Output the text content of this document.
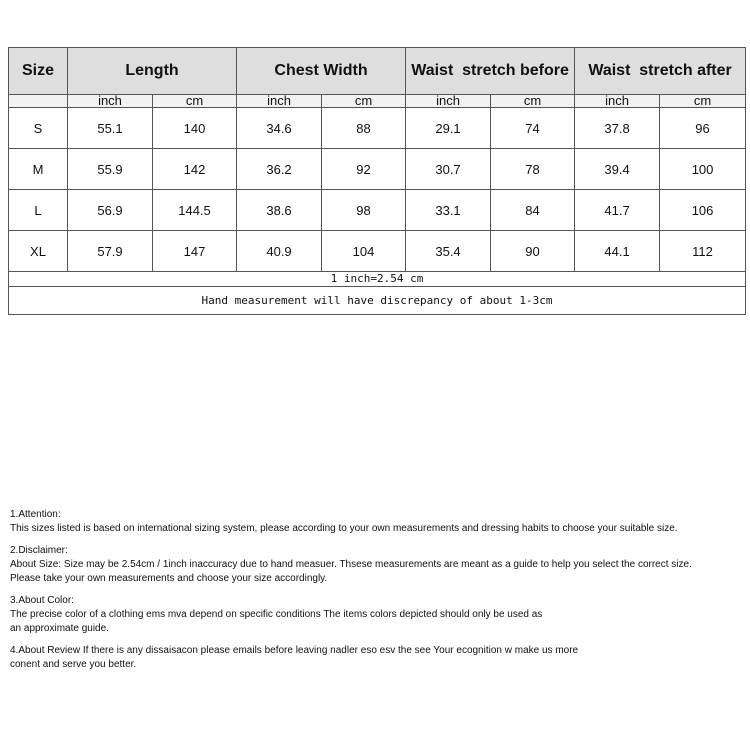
Size	Length		Chest Width		Waist  stretch before		Waist  stretch after	
	inch	cm	inch	cm	inch	cm	inch	cm
S	55.1	140	34.6	88	29.1	74	37.8	96
M	55.9	142	36.2	92	30.7	78	39.4	100
L	56.9	144.5	38.6	98	33.1	84	41.7	106
XL	57.9	147	40.9	104	35.4	90	44.1	112
1 inch=2.54 cm								
Hand measurement will have discrepancy of about 1-3cm								
1.Attention:
This sizes listed is based on international sizing system, please according to your own measurements and dressing habits to choose your suitable size.
2.Disclaimer:
About Size: Size may be 2.54cm / 1inch inaccuracy due to hand measuer. Thsese measurements are meant as a guide to help you select the correct size.
Please take your own measurements and choose your size accordingly.
3.About Color:
The precise color of a clothing ems mva depend on specific conditions The items colors depicted should only be used as
an approximate guide.
4.About Review If there is any dissaisacon please emails before leaving nadler eso esv the see Your ecognition w make us more
conent and serve you better.
